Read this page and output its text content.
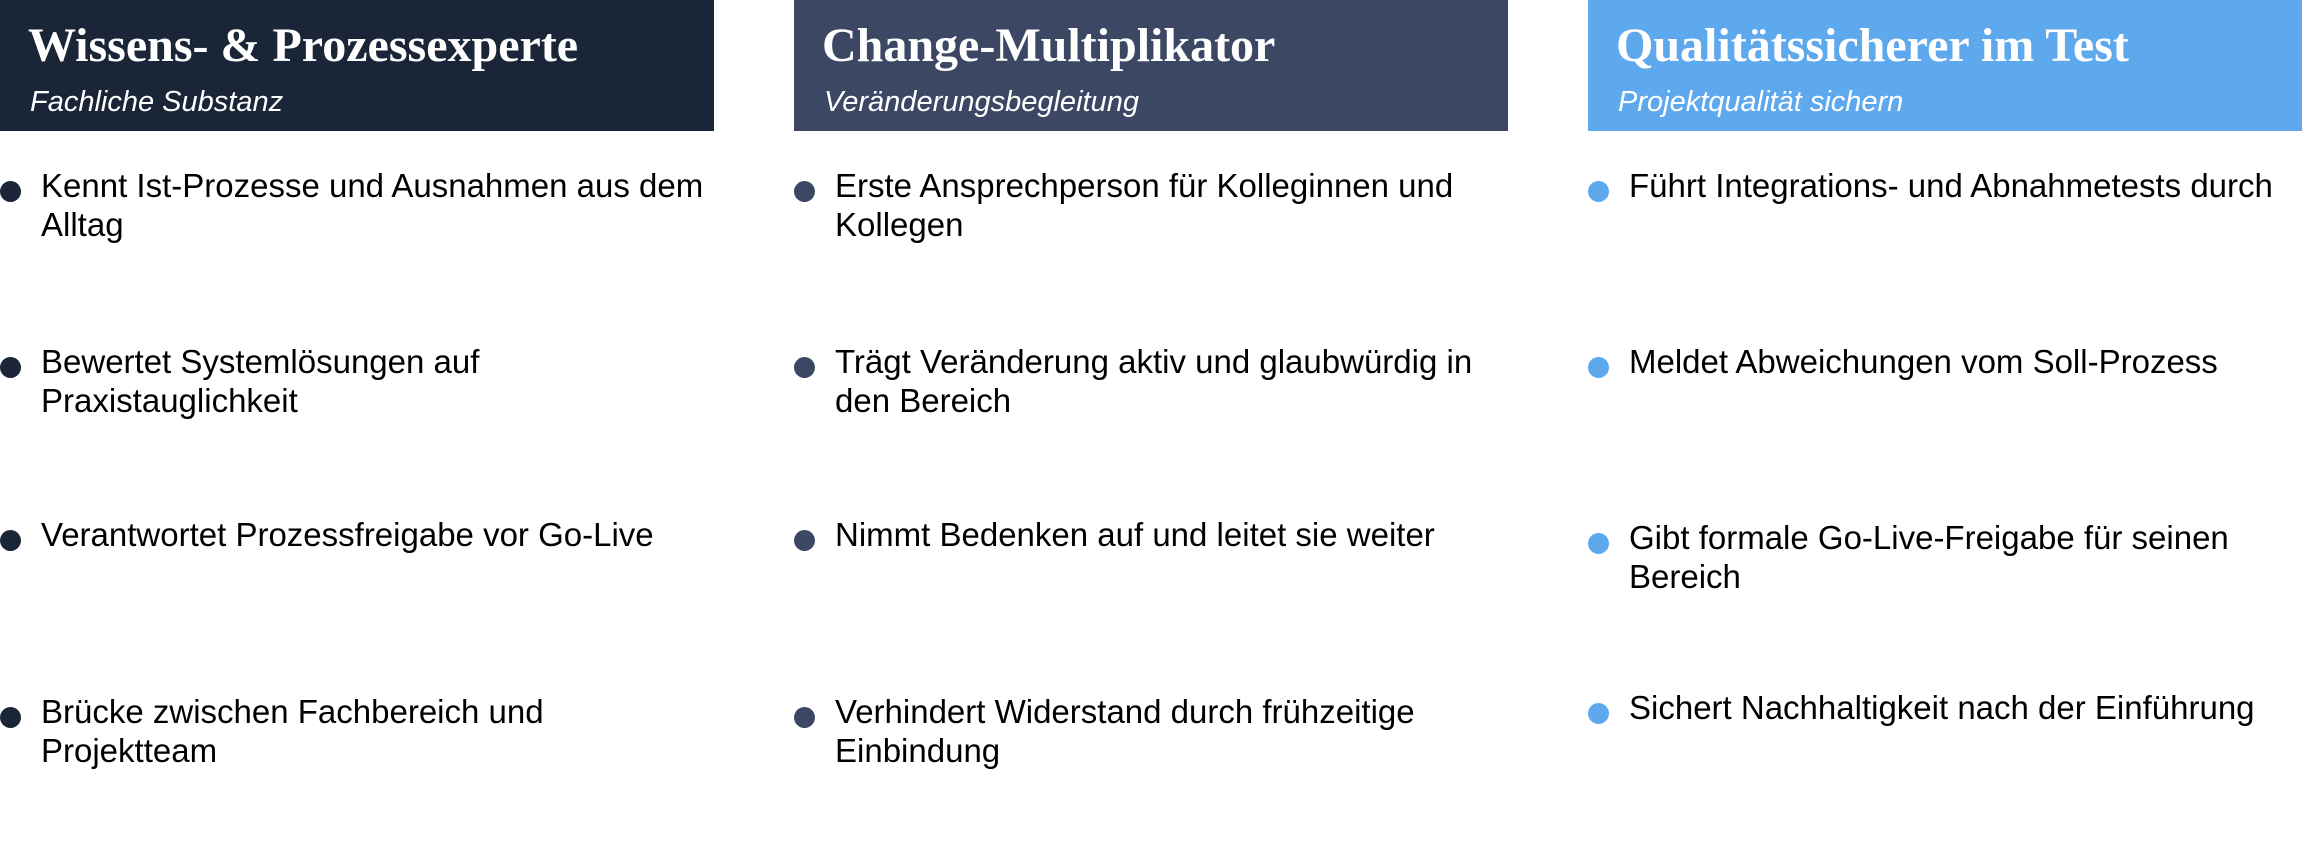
Wissens- & Prozessexperte
Fachliche Substanz
Kennt Ist-Prozesse und Ausnahmen aus dem Alltag
Bewertet Systemlösungen auf Praxistauglichkeit
Verantwortet Prozessfreigabe vor Go-Live
Brücke zwischen Fachbereich und Projektteam
Change-Multiplikator
Veränderungsbegleitung
Erste Ansprechperson für Kolleginnen und Kollegen
Trägt Veränderung aktiv und glaubwürdig in den Bereich
Nimmt Bedenken auf und leitet sie weiter
Verhindert Widerstand durch frühzeitige Einbindung
Qualitätssicherer im Test
Projektqualität sichern
Führt Integrations- und Abnahmetests durch
Meldet Abweichungen vom Soll-Prozess
Gibt formale Go-Live-Freigabe für seinen Bereich
Sichert Nachhaltigkeit nach der Einführung
